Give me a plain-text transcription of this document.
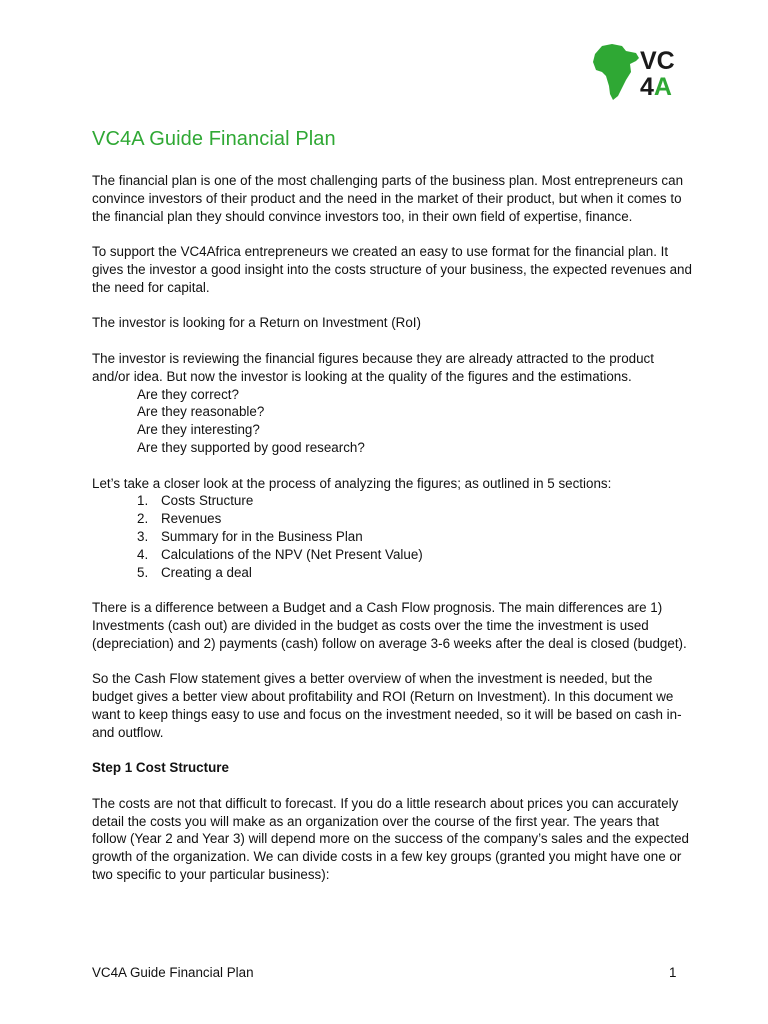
VC
4A
VC4A Guide Financial Plan

The financial plan is one of the most challenging parts of the business plan. Most entrepreneurs can convince investors of their product and the need in the market of their product, but when it comes to the financial plan they should convince investors too, in their own field of expertise, finance.

To support the VC4Africa entrepreneurs we created an easy to use format for the financial plan. It gives the investor a good insight into the costs structure of your business, the expected revenues and the need for capital.

The investor is looking for a Return on Investment (RoI)

The investor is reviewing the financial figures because they are already attracted to the product and/or idea. But now the investor is looking at the quality of the figures and the estimations.

Are they correct?
Are they reasonable?
Are they interesting?
Are they supported by good research?

Let’s take a closer look at the process of analyzing the figures; as outlined in 5 sections:

1. Costs Structure
2. Revenues
3. Summary for in the Business Plan
4. Calculations of the NPV (Net Present Value)
5. Creating a deal

There is a difference between a Budget and a Cash Flow prognosis. The main differences are 1) Investments (cash out) are divided in the budget as costs over the time the investment is used (depreciation) and 2) payments (cash) follow on average 3-6 weeks after the deal is closed (budget).

So the Cash Flow statement gives a better overview of when the investment is needed, but the budget gives a better view about profitability and ROI (Return on Investment). In this document we want to keep things easy to use and focus on the investment needed, so it will be based on cash in-and outflow.

Step 1 Cost Structure

The costs are not that difficult to forecast. If you do a little research about prices you can accurately detail the costs you will make as an organization over the course of the first year. The years that follow (Year 2 and Year 3) will depend more on the success of the company’s sales and the expected growth of the organization. We can divide costs in a few key groups (granted you might have one or two specific to your particular business):

VC4A Guide Financial Plan	1
